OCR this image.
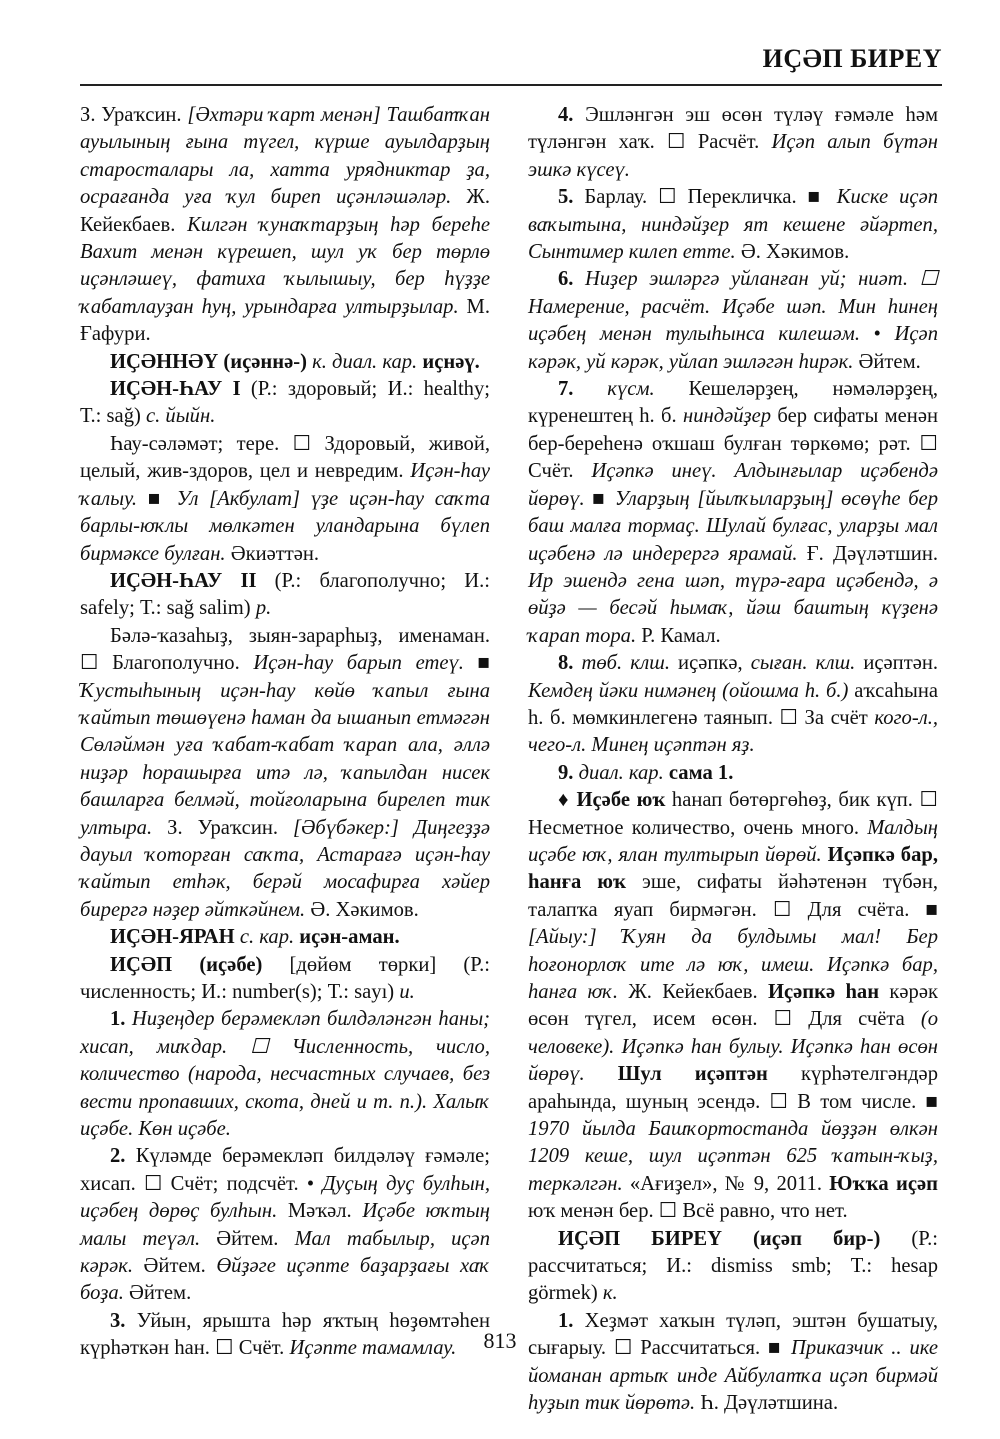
ИҪӘП БИРЕҮ

З. Ураҡсин. [Әхтәри ҡарт менән] Ташбатҡан ауылының ғына түгел, күрше ауылдарҙың старосталары ла, хатта урядниктар ҙа, осрағанда уға ҡул биреп иҫәнләшәләр. Ж. Кейекбаев. Килгән ҡунаҡтарҙың һәр береһе Вахит менән күрешеп, шул уҡ бер төрлө иҫәнләшеү, фатиха ҡылышыу, бер һүҙҙе ҡабатлауҙан һуң, урындарға ултырҙылар. М. Ғафури.

ИҪӘННӘҮ (иҫәннә-) к. диал. кар. иҫнәү.

ИҪӘН-ҺАУ I (Р.: здоровый; И.: healthy; Т.: sağ) с. йыйн.

Һау-сәләмәт; тере. ☐ Здоровый, живой, целый, жив-здоров, цел и невредим. Иҫән-һау ҡалыу. ■ Ул [Акбулат] үҙе иҫән-һау саҡта барлы-юҡлы мөлкәтен уландарына бүлеп бирмәксе булған. Әкиәттән.

ИҪӘН-ҺАУ II (Р.: благополучно; И.: safely; Т.: sağ salim) р.

Бәлә-ҡазаһыҙ, зыян-зарарһыҙ, именаман. ☐ Благополучно. Иҫән-һау барып етеү. ■ Ҡустыһының иҫән-һау көйө ҡапыл ғына ҡайтып төшөүенә һаман да ышанып етмәгән Сөләймән уға ҡабат-ҡабат ҡарап ала, әллә ниҙәр һорашырға итә лә, ҡапылдан нисек башларға белмәй, тойғоларына бирелеп тик ултыра. З. Ураҡсин. [Әбүбәкер:] Диңгеҙҙә дауыл ҡоторған саҡта, Астарағә иҫән-һау ҡайтып етһәк, берәй мосафирға хәйер бирергә нәҙер әйткәйнем. Ә. Хәкимов.

ИҪӘН-ЯРАН с. кар. иҫән-аман.

ИҪӘП (иҫәбе) [дөйөм төрки] (Р.: численность; И.: number(s); Т.: sayı) и.

1. Ниҙеңдер берәмеклəп билдәләнгән һаны; хисап, миҡдар. ☐ Численность, число, количество (народа, несчастных случаев, без вести пропавших, скота, дней и т. п.). Халыҡ иҫәбе. Көн иҫәбе.

2. Күләмде берәмеклəп билдәләү ғәмәле; хисап. ☐ Счёт; подсчёт. • Дуҫың дуҫ булһын, иҫәбең дөрөҫ булһын. Мәҡәл. Иҫәбе юҡтың малы теүәл. Әйтем. Мал табылыр, иҫәп кәрәк. Әйтем. Өйҙәге иҫәпте баҙарҙағы хаҡ боҙа. Әйтем.

3. Уйын, ярышта һәр яҡтың һөҙөмтәһен күрһәткән һан. ☐ Счёт. Иҫәпте тамамлау.

4. Эшләнгән эш өсөн түләү ғәмәле һәм түләнгән хаҡ. ☐ Расчёт. Иҫәп алып бүтән эшкә күсеү.

5. Барлау. ☐ Перекличка. ■ Киске иҫәп ваҡытына, ниндәйҙер ят кешене әйәртеп, Сынтимер килеп етте. Ә. Хәкимов.

6. Ниҙер эшләргә уйланған уй; ниәт. ☐ Намерение, расчёт. Иҫәбе шәп. Мин һинең иҫәбең менән тулыһынса килешәм. • Иҫәп кәрәк, уй кәрәк, уйлап эшләгән һирәк. Әйтем.

7. күсм. Кешеләрҙең, нәмәләрҙең, күренештең һ. б. ниндәйҙер бер сифаты менән бер-береһенә оҡшаш булған төркөмө; рәт. ☐ Счёт. Иҫәпкә инеү. Алдынғылар иҫәбендә йөрөү. ■ Уларҙың [йылҡыларҙың] өсөүһе бер баш малға тормаҫ. Шулай булғас, уларҙы мал иҫәбенә лә индерергә ярамай. Ғ. Дәүләтшин. Ир эшендә гена шәп, түрә-ғара иҫәбендә, ә өйҙә — бесәй һымаҡ, йәш баштың күҙенә ҡарап тора. Р. Камал.

8. төб. клш. иҫәпкә, сыған. клш. иҫәптән. Кемдең йәки нимәнең (ойошма һ. б.) аҡсаһына һ. б. мөмкинлегенә таянып. ☐ За счёт кого-л., чего-л. Минең иҫәптән яҙ.

9. диал. кар. сама 1.

♦ Иҫәбе юҡ һанап бөтөргөһөҙ, бик күп. ☐ Несметное количество, очень много. Малдың иҫәбе юҡ, ялан тултырып йөрөй. Иҫәпкә бар, һанға юҡ эше, сифаты йәһәтенән түбән, талапҡа яуап бирмәгән. ☐ Для счёта. ■ [Айыу:] Ҡуян да булдымы мал! Бер һоғонорлоҡ ите лә юҡ, имеш. Иҫәпкә бар, һанға юҡ. Ж. Кейекбаев. Иҫәпкә һан кәрәк өсөн түгел, исем өсөн. ☐ Для счёта (о человеке). Иҫәпкә һан булыу. Иҫәпкә һан өсөн йөрөү. Шул иҫәптән күрһәтелгәндәр араһында, шуның эсендә. ☐ В том числе. ■ 1970 йылда Башҡортостанда йөҙҙән өлкән 1209 кеше, шул иҫәптән 625 ҡатын-ҡыҙ, теркәлгән. «Ағиҙел», № 9, 2011. Юҡҡа иҫәп юҡ менән бер. ☐ Всё равно, что нет.

ИҪӘП БИРЕҮ (иҫәп бир-) (Р.: рассчитаться; И.: dismiss smb; Т.: hesap görmek) к.

1. Хеҙмәт хаҡын түләп, эштән бушатыу, сығарыу. ☐ Рассчитаться. ■ Приказчик .. ике йоманан артыҡ инде Айбулатҡа иҫәп бирмәй һуҙып тик йөрөтә. Һ. Дәүләтшина.

813
